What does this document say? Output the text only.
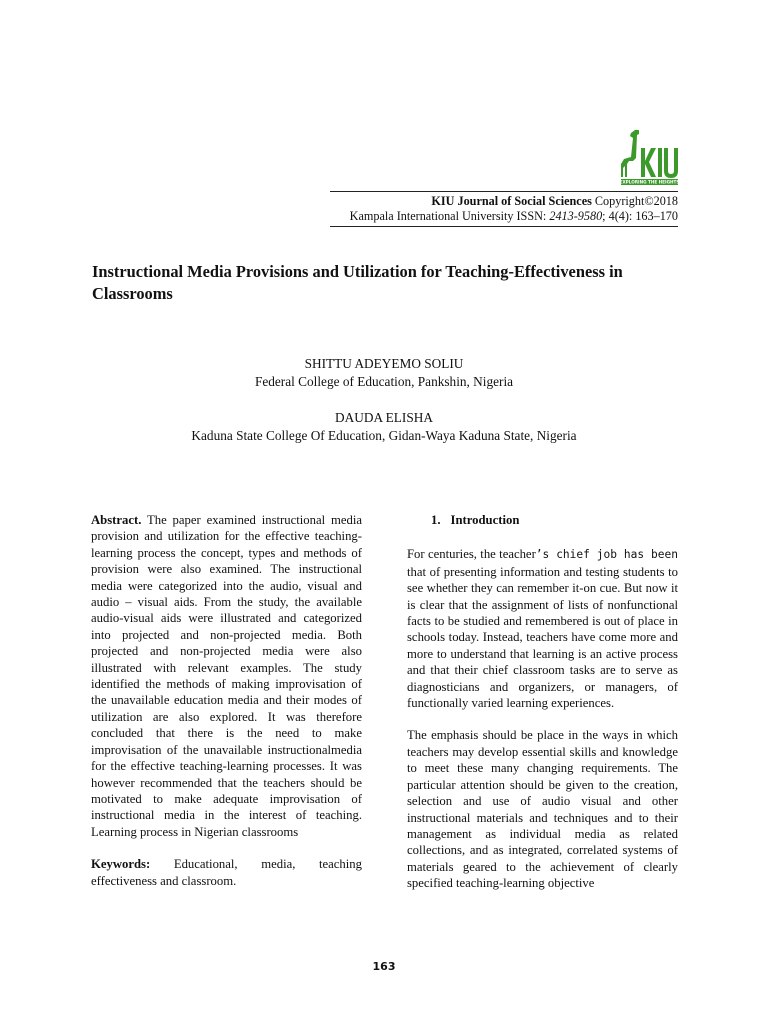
EXPLORING THE HEIGHTS
KIU Journal of Social Sciences Copyright©2018
Kampala International University ISSN: 2413-9580; 4(4): 163–170
Instructional Media Provisions and Utilization for Teaching-Effectiveness in Classrooms
SHITTU ADEYEMO SOLIU
Federal College of Education, Pankshin, Nigeria
DAUDA ELISHA
Kaduna State College Of Education, Gidan-Waya Kaduna State, Nigeria

Abstract. The paper examined instructional media provision and utilization for the effective teaching-learning process the concept, types and methods of provision were also examined. The instructional media were categorized into the audio, visual and audio – visual aids. From the study, the available audio-visual aids were illustrated and categorized into projected and non-projected media. Both projected and non-projected media were also illustrated with relevant examples. The study identified the methods of making improvisation of the unavailable education media and their modes of utilization are also explored. It was therefore concluded that there is the need to make improvisation of the unavailable instructionalmedia for the effective teaching-learning processes. It was however recommended that the teachers should be motivated to make adequate improvisation of instructional media in the interest of teaching. Learning process in Nigerian classrooms

Keywords: Educational, media, teaching effectiveness and classroom.

1. Introduction

For centuries, the teacher’s chief job has been that of presenting information and testing students to see whether they can remember it-on cue. But now it is clear that the assignment of lists of nonfunctional facts to be studied and remembered is out of place in schools today. Instead, teachers have come more and more to understand that learning is an active process and that their chief classroom tasks are to serve as diagnosticians and organizers, or managers, of functionally varied learning experiences.

The emphasis should be place in the ways in which teachers may develop essential skills and knowledge to meet these many changing requirements. The particular attention should be given to the creation, selection and use of audio visual and other instructional materials and techniques and to their management as individual media as related collections, and as integrated, correlated systems of materials geared to the achievement of clearly specified teaching-learning objective

163
